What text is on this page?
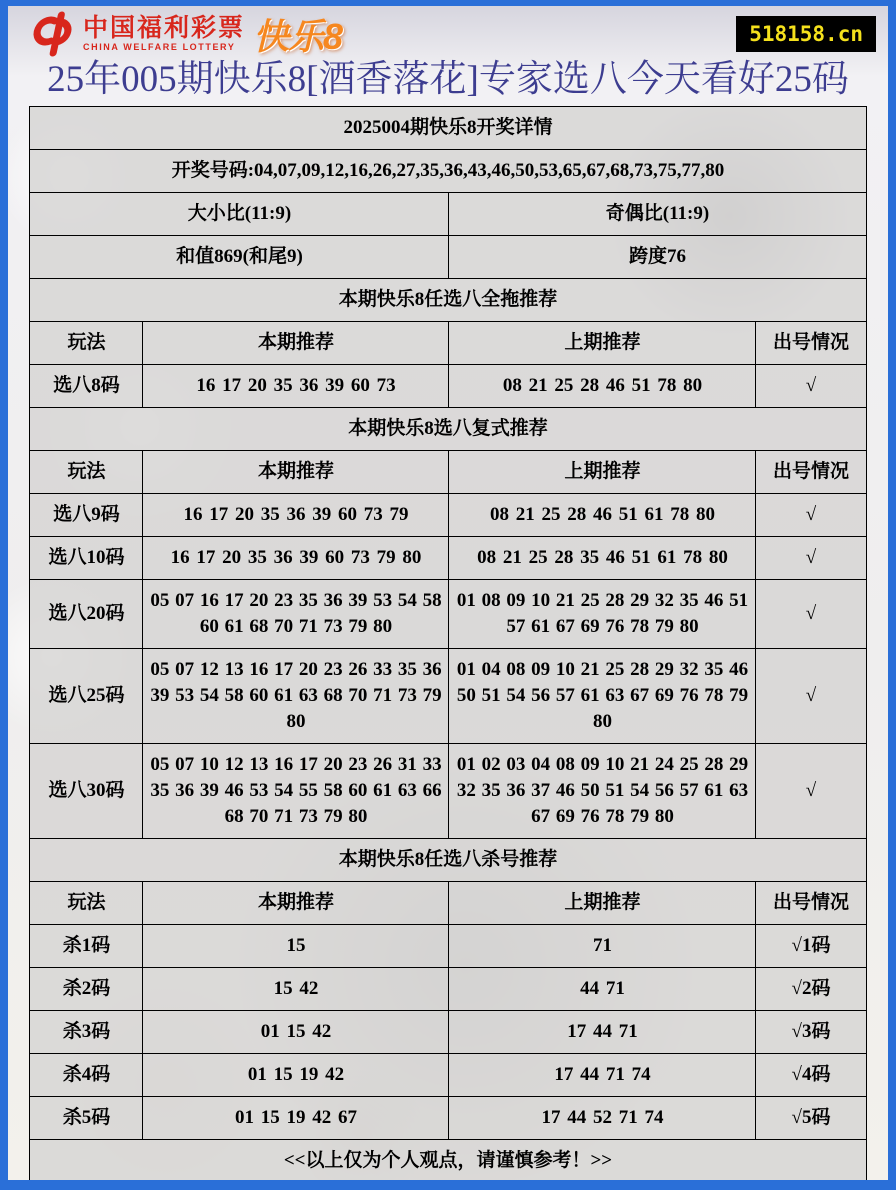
中国福利彩票
CHINA WELFARE LOTTERY 快乐8	518158.cn
25年005期快乐8[酒香落花]专家选八今天看好25码
2025004期快乐8开奖详情			
开奖号码:04,07,09,12,16,26,27,35,36,43,46,50,53,65,67,68,73,75,77,80			
大小比(11:9)		奇偶比(11:9)	
和值869(和尾9)		跨度76	
本期快乐8任选八全拖推荐			
玩法	本期推荐	上期推荐	出号情况
选八8码	16 17 20 35 36 39 60 73	08 21 25 28 46 51 78 80	√
本期快乐8选八复式推荐			
玩法	本期推荐	上期推荐	出号情况
选八9码	16 17 20 35 36 39 60 73 79	08 21 25 28 46 51 61 78 80	√
选八10码	16 17 20 35 36 39 60 73 79 80	08 21 25 28 35 46 51 61 78 80	√
选八20码	05 07 16 17 20 23 35 36 39 53 54 58 60 61 68 70 71 73 79 80	01 08 09 10 21 25 28 29 32 35 46 51 57 61 67 69 76 78 79 80	√
选八25码	05 07 12 13 16 17 20 23 26 33 35 36 39 53 54 58 60 61 63 68 70 71 73 79 80	01 04 08 09 10 21 25 28 29 32 35 46 50 51 54 56 57 61 63 67 69 76 78 79 80	√
选八30码	05 07 10 12 13 16 17 20 23 26 31 33 35 36 39 46 53 54 55 58 60 61 63 66 68 70 71 73 79 80	01 02 03 04 08 09 10 21 24 25 28 29 32 35 36 37 46 50 51 54 56 57 61 63 67 69 76 78 79 80	√
本期快乐8任选八杀号推荐			
玩法	本期推荐	上期推荐	出号情况
杀1码	15	71	√1码
杀2码	15 42	44 71	√2码
杀3码	01 15 42	17 44 71	√3码
杀4码	01 15 19 42	17 44 71 74	√4码
杀5码	01 15 19 42 67	17 44 52 71 74	√5码
<<以上仅为个人观点，请谨慎参考！>>			
